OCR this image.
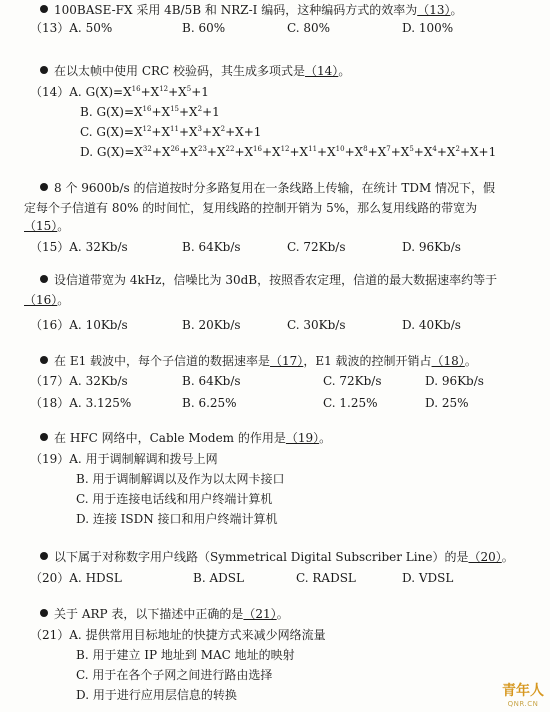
100BASE-FX 采用 4B/5B 和 NRZ-I 编码，这种编码方式的效率为（13）。
（13）A. 50%	B. 60%	C. 80%	D. 100%
在以太帧中使用 CRC 校验码，其生成多项式是（14）。
（14）A. $G(X)=X^{16}+X^{12}+X^5+1$
B. $G(X)=X^{16}+X^{15}+X^2+1$
C. $G(X)=X^{12}+X^{11}+X^3+X^2+X+1$
D. $G(X)=X^{32}+X^{26}+X^{23}+X^{22}+X^{16}+X^{12}+X^{11}+X^{10}+X^8+X^7+X^5+X^4+X^2+X+1$
8 个 9600b/s 的信道按时分多路复用在一条线路上传输，在统计 TDM 情况下，假
定每个子信道有 80% 的时间忙，复用线路的控制开销为 5%，那么复用线路的带宽为
（15）。
（15）A. 32Kb/s	B. 64Kb/s	C. 72Kb/s	D. 96Kb/s
设信道带宽为 4kHz，信噪比为 30dB，按照香农定理，信道的最大数据速率约等于
（16）。
（16）A. 10Kb/s	B. 20Kb/s	C. 30Kb/s	D. 40Kb/s
在 E1 载波中，每个子信道的数据速率是（17），E1 载波的控制开销占（18）。
（17）A. 32Kb/s	B. 64Kb/s	C. 72Kb/s	D. 96Kb/s
（18）A. 3.125%	B. 6.25%	C. 1.25%	D. 25%
在 HFC 网络中，Cable Modem 的作用是（19）。
（19）A. 用于调制解调和拨号上网
B. 用于调制解调以及作为以太网卡接口
C. 用于连接电话线和用户终端计算机
D. 连接 ISDN 接口和用户终端计算机
以下属于对称数字用户线路（Symmetrical Digital Subscriber Line）的是（20）。
（20）A. HDSL	B. ADSL	C. RADSL	D. VDSL
关于 ARP 表，以下描述中正确的是（21）。
（21）A. 提供常用目标地址的快捷方式来减少网络流量
B. 用于建立 IP 地址到 MAC 地址的映射
C. 用于在各个子网之间进行路由选择
D. 用于进行应用层信息的转换	青年人
QNR.CN
